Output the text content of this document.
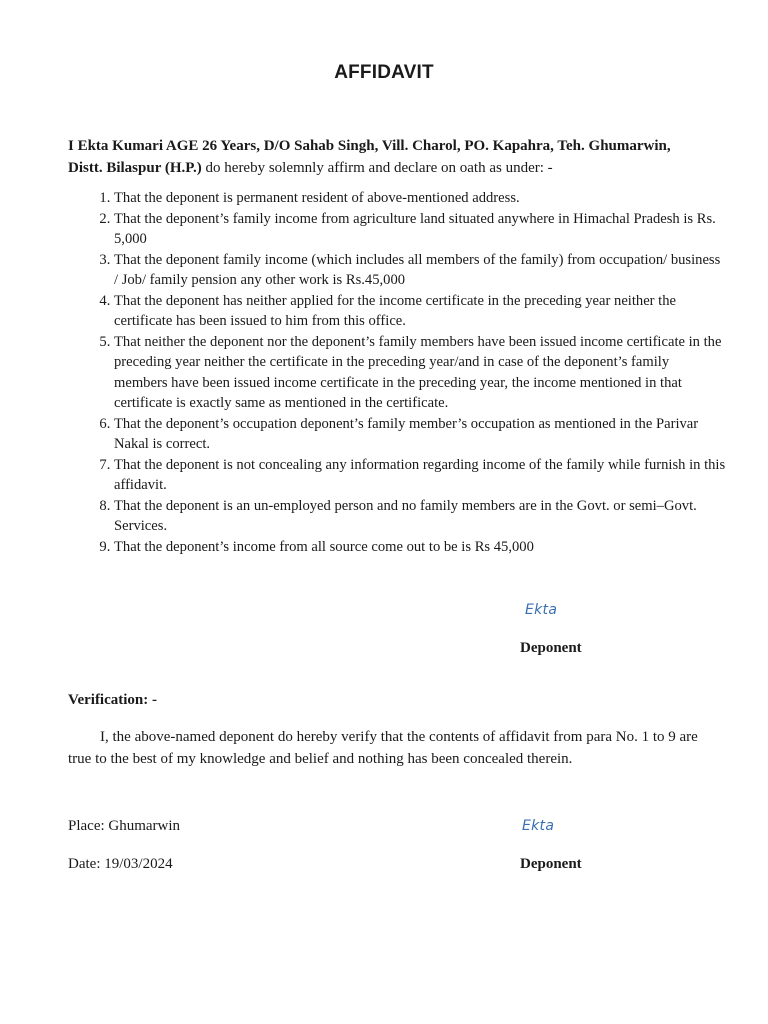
AFFIDAVIT
I Ekta Kumari AGE 26 Years, D/O Sahab Singh, Vill. Charol, PO. Kapahra, Teh. Ghumarwin, Distt. Bilaspur (H.P.) do hereby solemnly affirm and declare on oath as under: -
1. That the deponent is permanent resident of above-mentioned address.
2. That the deponent’s family income from agriculture land situated anywhere in Himachal Pradesh is Rs. 5,000
3. That the deponent family income (which includes all members of the family) from occupation/ business / Job/ family pension any other work is Rs.45,000
4. That the deponent has neither applied for the income certificate in the preceding year neither the certificate has been issued to him from this office.
5. That neither the deponent nor the deponent’s family members have been issued income certificate in the preceding year neither the certificate in the preceding year/and in case of the deponent’s family members have been issued income certificate in the preceding year, the income mentioned in that certificate is exactly same as mentioned in the certificate.
6. That the deponent’s occupation deponent’s family member’s occupation as mentioned in the Parivar Nakal is correct.
7. That the deponent is not concealing any information regarding income of the family while furnish in this affidavit.
8. That the deponent is an un-employed person and no family members are in the Govt. or semi–Govt. Services.
9. That the deponent’s income from all source come out to be is Rs 45,000
Ekta
Deponent
Verification: -
I, the above-named deponent do hereby verify that the contents of affidavit from para No. 1 to 9 are true to the best of my knowledge and belief and nothing has been concealed therein.
Place: Ghumarwin
Date: 19/03/2024
Ekta
Deponent
